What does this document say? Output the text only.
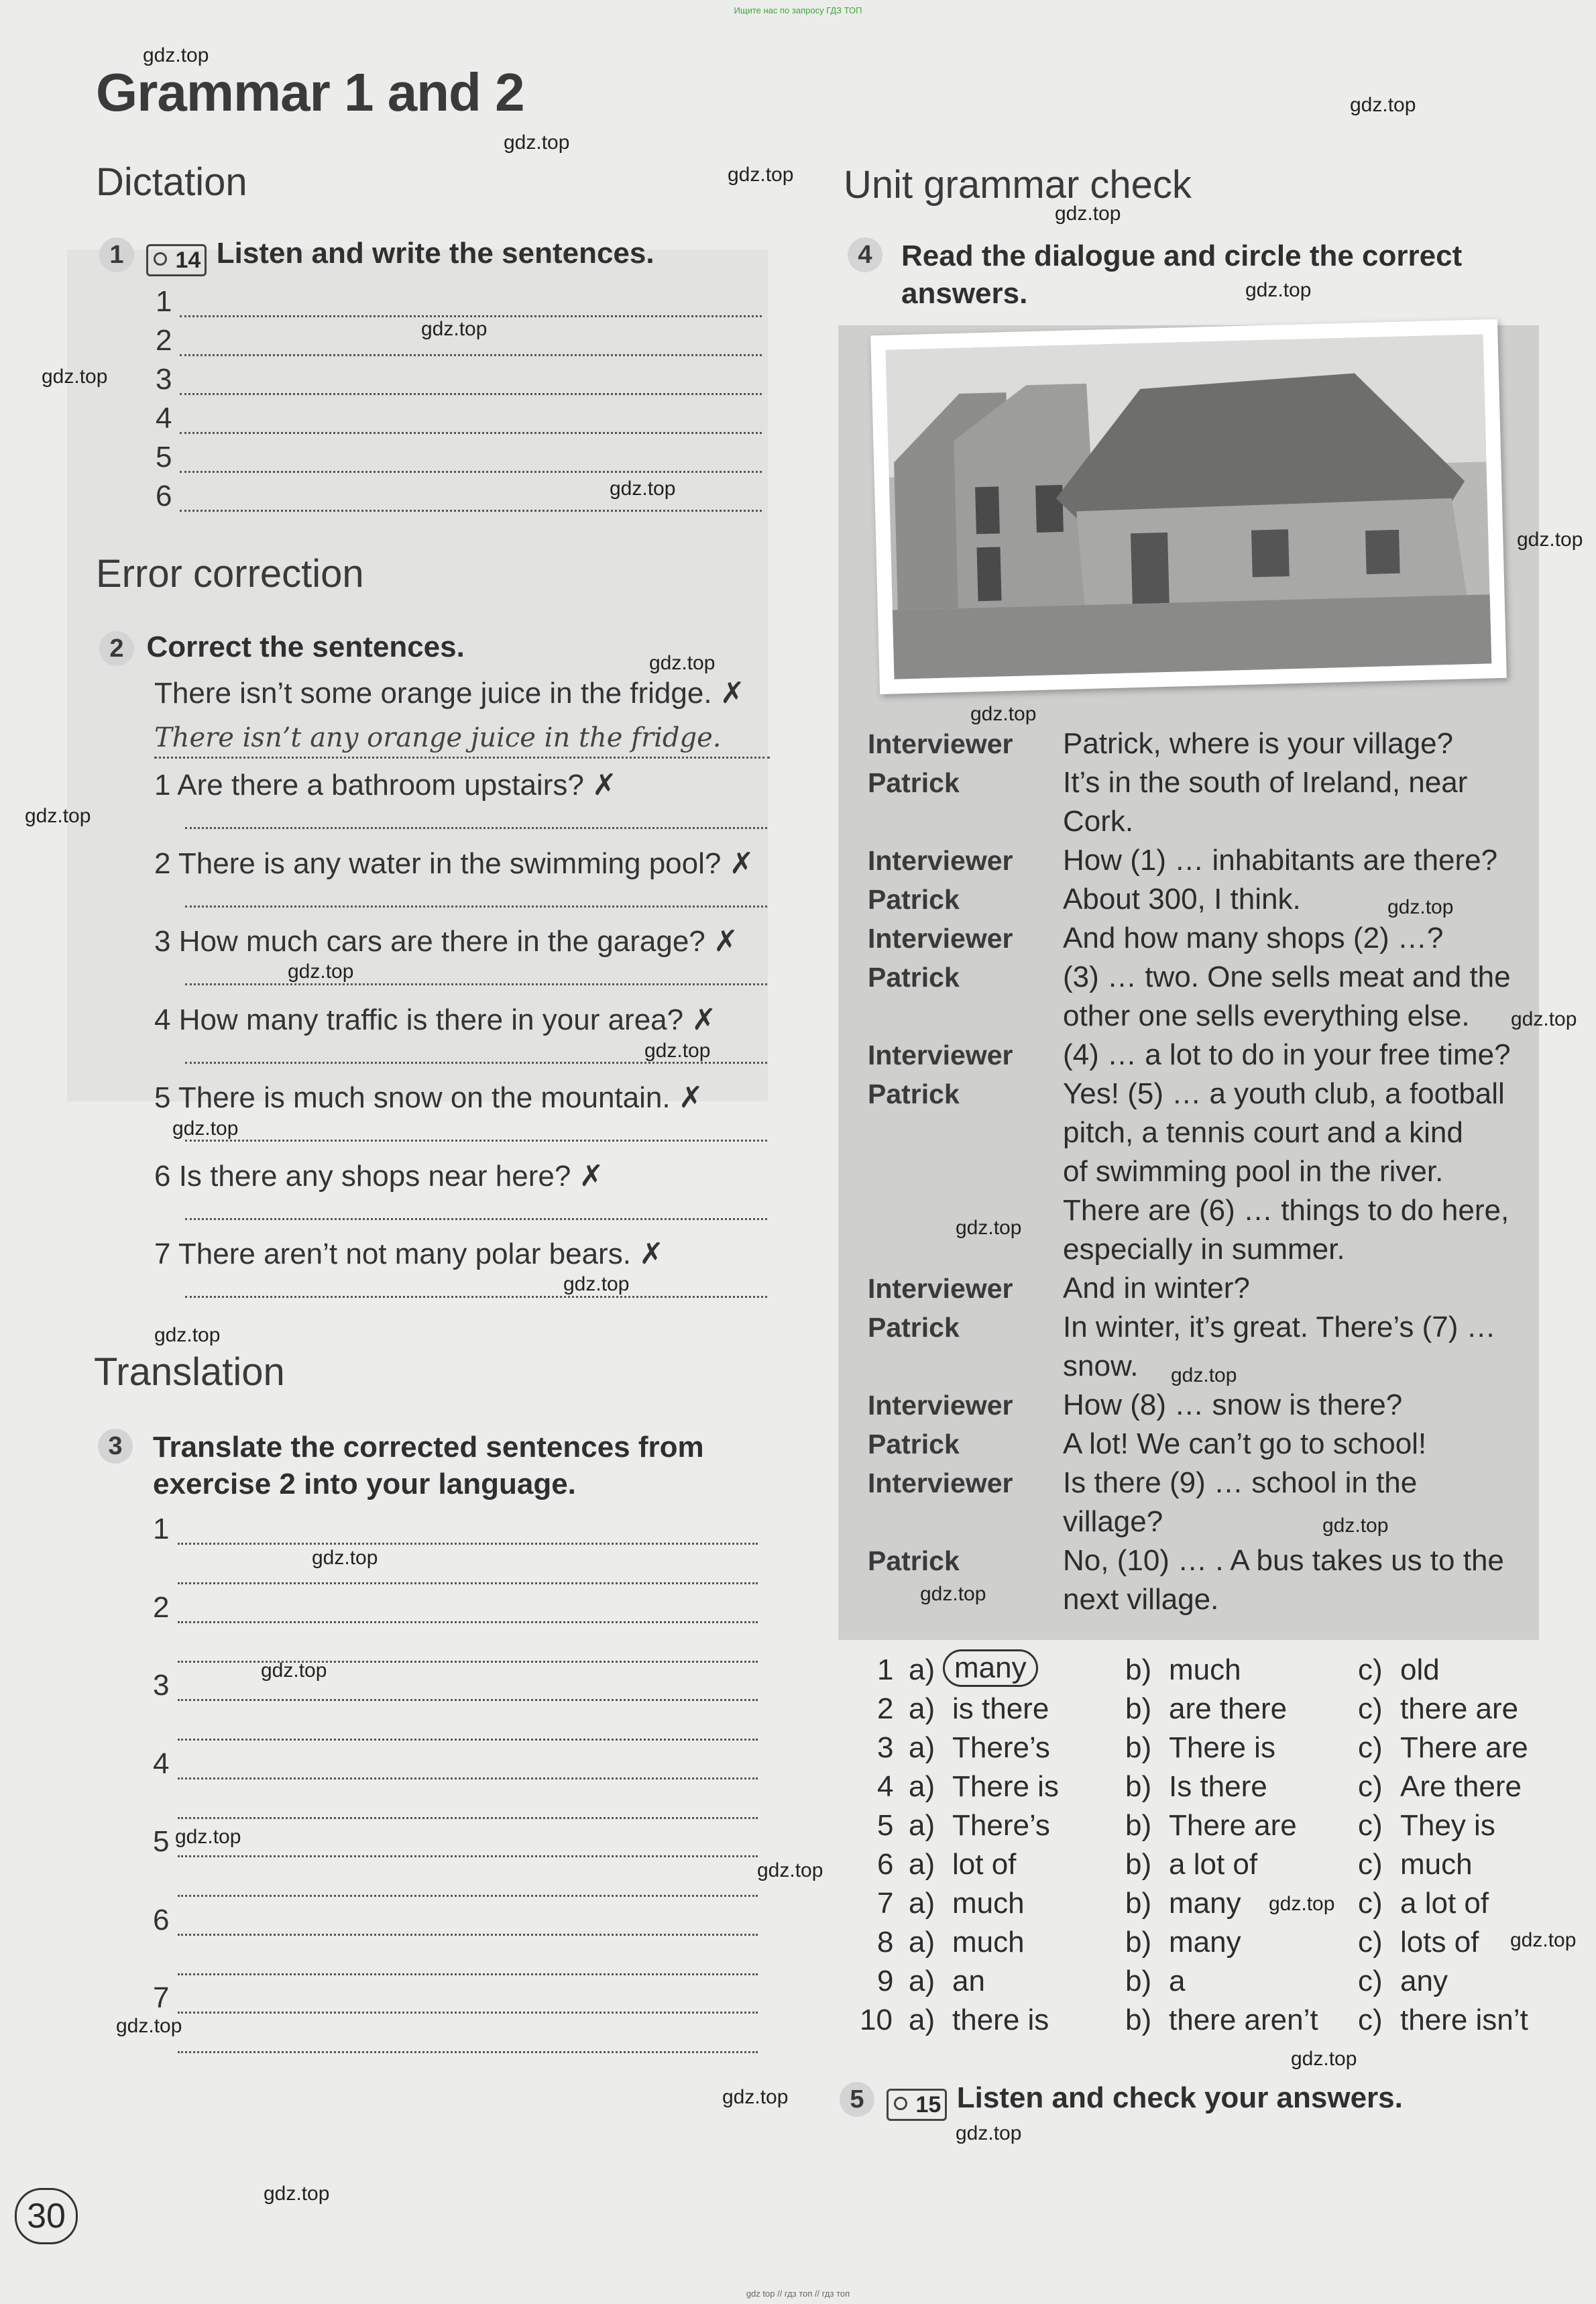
Ищите нас по запросу ГДЗ ТОП
Grammar 1 and 2
Dictation
1 14 Listen and write the sentences.
1
2
3
4
5
6
Error correction
2 Correct the sentences.
There isn’t some orange juice in the fridge. ✗
There isn’t any orange juice in the fridge.
1 Are there a bathroom upstairs? ✗
2 There is any water in the swimming pool? ✗
3 How much cars are there in the garage? ✗
4 How many traffic is there in your area? ✗
5 There is much snow on the mountain. ✗
6 Is there any shops near here? ✗
7 There aren’t not many polar bears. ✗
Translation
3	Translate the corrected sentences from
exercise 2 into your language.
1
2
3
4
5
6
7
Unit grammar check
4 Read the dialogue and circle the correct
answers.
Interviewer Patrick, where is your village?
Patrick	It’s in the south of Ireland, near
Cork.
Interviewer How (1) … inhabitants are there?
Patrick	About 300, I think.
Interviewer And how many shops (2) …?
Patrick	(3) … two. One sells meat and the
other one sells everything else.
Interviewer (4) … a lot to do in your free time?
Patrick	Yes! (5) … a youth club, a football
pitch, a tennis court and a kind
of swimming pool in the river.
There are (6) … things to do here,
especially in summer.
Interviewer And in winter?
Patrick	In winter, it’s great. There’s (7) …
snow.
Interviewer How (8) … snow is there?
Patrick	A lot! We can’t go to school!
Interviewer Is there (9) … school in the
village?
Patrick	No, (10) … . A bus takes us to the
next village.
1 a) many	b) much	c) old
2 a) is there	b) are there c) there are
3 a) There’s	b) There is	c) There are
4 a) There is b) Is there	c) Are there
5 a) There’s	b) There are c) They is
6 a) lot of	b) a lot of	c) much
7 a) much	b) many	c) a lot of
8 a) much	b) many	c) lots of
9 a) an	b) a	c) any
10 a) there is	b) there aren’t c) there isn’t
5 15 Listen and check your answers.
30
gdz.top
gdz.top
gdz.top
gdz.top
gdz.top
gdz.top
gdz.top
gdz.top
gdz.top
gdz.top
gdz.top
gdz.top
gdz.top
gdz.top
gdz.top
gdz.top
gdz.top
gdz.top
gdz.top
gdz.top
gdz.top
gdz.top
gdz.top
gdz.top
gdz.top
gdz.top
gdz.top
gdz.top
gdz.top
gdz.top
gdz.top
gdz.top
gdz.top
gdz.top
gdz.top
gdz top // гдз топ // гдз топ
